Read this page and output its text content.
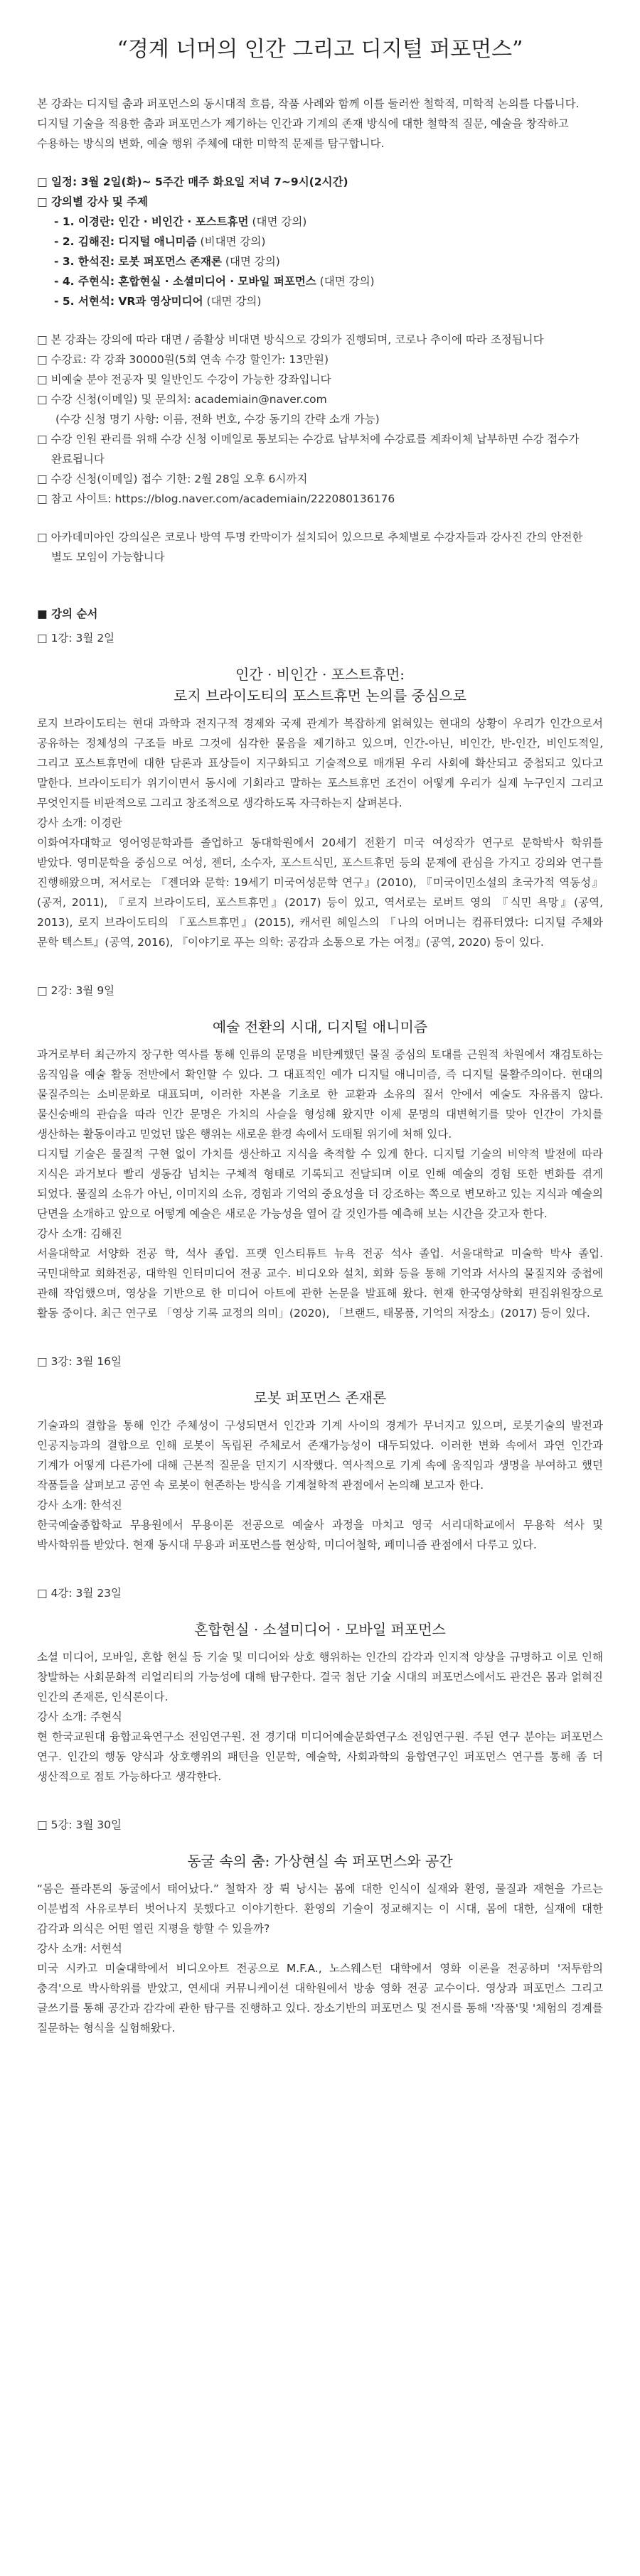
“경계 너머의 인간 그리고 디지털 퍼포먼스”

본 강좌는 디지털 춤과 퍼포먼스의 동시대적 흐름, 작품 사례와 함께 이를 둘러싼 철학적, 미학적 논의를 다룹니다. 디지털 기술을 적용한 춤과 퍼포먼스가 제기하는 인간과 기계의 존재 방식에 대한 철학적 질문, 예술을 창작하고 수용하는 방식의 변화, 예술 행위 주체에 대한 미학적 문제를 탐구합니다.

□ 일정: 3월 2일(화)~ 5주간 매주 화요일 저녁 7~9시(2시간)

□ 강의별 강사 및 주제

- 1. 이경란: 인간 · 비인간 · 포스트휴먼 (대면 강의)

- 2. 김해진: 디지털 애니미즘 (비대면 강의)

- 3. 한석진: 로봇 퍼포먼스 존재론 (대면 강의)

- 4. 주현식: 혼합현실 · 소셜미디어 · 모바일 퍼포먼스 (대면 강의)

- 5. 서현석: VR과 영상미디어 (대면 강의)

□ 본 강좌는 강의에 따라 대면 / 줌활상 비대면 방식으로 강의가 진행되며, 코로나 추이에 따라 조정됩니다

□ 수강료: 각 강좌 30000원(5회 연속 수강 할인가: 13만원)

□ 비예술 분야 전공자 및 일반인도 수강이 가능한 강좌입니다

□ 수강 신청(이메일) 및 문의처: academiain@naver.com

(수강 신청 명기 사항: 이름, 전화 번호, 수강 동기의 간략 소개 가능)

□ 수강 인원 관리를 위해 수강 신청 이메일로 통보되는 수강료 납부처에 수강료를 계좌이체 납부하면 수강 접수가 완료됩니다

□ 수강 신청(이메일) 접수 기한: 2월 28일 오후 6시까지

□ 참고 사이트: https://blog.naver.com/academiain/222080136176

□ 아카데미아인 강의실은 코로나 방역 투명 칸막이가 설치되어 있으므로 추체별로 수강자들과 강사진 간의 안전한 별도 모임이 가능합니다

■ 강의 순서

□ 1강: 3월 2일

인간 · 비인간 · 포스트휴먼:
로지 브라이도티의 포스트휴먼 논의를 중심으로

로지 브라이도티는 현대 과학과 전지구적 경제와 국제 관계가 복잡하게 얽혀있는 현대의 상황이 우리가 인간으로서 공유하는 정체성의 구조들 바로 그것에 심각한 물음을 제기하고 있으며, 인간-아닌, 비인간, 반-인간, 비인도적일, 그리고 포스트휴먼에 대한 담론과 표상들이 지구화되고 기술적으로 매개된 우리 사회에 확산되고 중첩되고 있다고 말한다. 브라이도티가 위기이면서 동시에 기회라고 말하는 포스트휴먼 조건이 어떻게 우리가 실제 누구인지 그리고 무엇인지를 비판적으로 그리고 창조적으로 생각하도록 자극하는지 살펴본다.

강사 소개: 이경란

이화여자대학교 영어영문학과를 졸업하고 동대학원에서 20세기 전환기 미국 여성작가 연구로 문학박사 학위를 받았다. 영미문학을 중심으로 여성, 젠더, 소수자, 포스트식민, 포스트휴먼 등의 문제에 관심을 가지고 강의와 연구를 진행해왔으며, 저서로는 『젠더와 문학: 19세기 미국여성문학 연구』(2010), 『미국이민소설의 초국가적 역동성』(공저, 2011), 『로지 브라이도티, 포스트휴먼』(2017) 등이 있고, 역서로는 로버트 영의 『식민 욕망』(공역, 2013), 로지 브라이도티의 『포스트휴먼』(2015), 캐서린 헤일스의 『나의 어머니는 컴퓨터였다: 디지털 주체와 문학 텍스트』(공역, 2016), 『이야기로 푸는 의학: 공감과 소통으로 가는 여정』(공역, 2020) 등이 있다.

□ 2강: 3월 9일

예술 전환의 시대, 디지털 애니미즘

과거로부터 최근까지 장구한 역사를 통해 인류의 문명을 비탄케했던 물질 중심의 토대를 근원적 차원에서 재검토하는 움직임을 예술 활동 전반에서 확인할 수 있다. 그 대표적인 예가 디지털 애니미즘, 즉 디지털 물활주의이다. 현대의 물질주의는 소비문화로 대표되며, 이러한 자본을 기초로 한 교환과 소유의 질서 안에서 예술도 자유롭지 않다. 물신숭배의 관습을 따라 인간 문명은 가치의 사슬을 형성해 왔지만 이제 문명의 대변혁기를 맞아 인간이 가치를 생산하는 활동이라고 믿었던 많은 행위는 새로운 환경 속에서 도태될 위기에 처해 있다.
디지털 기술은 물질적 구현 없이 가치를 생산하고 지식을 축적할 수 있게 한다. 디지털 기술의 비약적 발전에 따라 지식은 과거보다 빨리 생동감 넘치는 구체적 형태로 기록되고 전달되며 이로 인해 예술의 경험 또한 변화를 겪게 되었다. 물질의 소유가 아닌, 이미지의 소유, 경험과 기억의 중요성을 더 강조하는 쪽으로 변모하고 있는 지식과 예술의 단면을 소개하고 앞으로 어떻게 예술은 새로운 가능성을 열어 갈 것인가를 예측해 보는 시간을 갖고자 한다.

강사 소개: 김해진

서울대학교 서양화 전공 학, 석사 졸업. 프랫 인스티튜트 뉴욕 전공 석사 졸업. 서울대학교 미술학 박사 졸업. 국민대학교 회화전공, 대학원 인터미디어 전공 교수. 비디오와 설치, 회화 등을 통해 기억과 서사의 물질지와 중첩에 관해 작업했으며, 영상을 기반으로 한 미디어 아트에 관한 논문을 발표해 왔다. 현재 한국영상학회 편집위원장으로 활동 중이다. 최근 연구로 「영상 기록 교정의 의미」(2020), 「브랜드, 태몽품, 기억의 저장소」(2017) 등이 있다.

□ 3강: 3월 16일

로봇 퍼포먼스 존재론

기술과의 결합을 통해 인간 주체성이 구성되면서 인간과 기계 사이의 경계가 무너지고 있으며, 로봇기술의 발전과 인공지능과의 결합으로 인해 로봇이 독립된 주체로서 존재가능성이 대두되었다. 이러한 변화 속에서 과연 인간과 기계가 어떻게 다른가에 대해 근본적 질문을 던지기 시작했다. 역사적으로 기계 속에 움직임과 생명을 부여하고 했던 작품들을 살펴보고 공연 속 로봇이 현존하는 방식을 기계철학적 관점에서 논의해 보고자 한다.

강사 소개: 한석진

한국예술종합학교 무용원에서 무용이론 전공으로 예술사 과정을 마치고 영국 서리대학교에서 무용학 석사 및 박사학위를 받았다. 현재 동시대 무용과 퍼포먼스를 현상학, 미디어철학, 페미니즘 관점에서 다루고 있다.

□ 4강: 3월 23일

혼합현실 · 소셜미디어 · 모바일 퍼포먼스

소셜 미디어, 모바일, 혼합 현실 등 기술 및 미디어와 상호 행위하는 인간의 감각과 인지적 양상을 규명하고 이로 인해 창발하는 사회문화적 리얼리티의 가능성에 대해 탐구한다. 결국 첨단 기술 시대의 퍼포먼스에서도 관건은 몸과 얽혀진 인간의 존재론, 인식론이다.

강사 소개: 주현식

현 한국교원대 융합교육연구소 전임연구원. 전 경기대 미디어예술문화연구소 전임연구원. 주된 연구 분야는 퍼포먼스 연구. 인간의 행동 양식과 상호행위의 패턴을 인문학, 예술학, 사회과학의 융합연구인 퍼포먼스 연구를 통해 좀 더 생산적으로 점토 가능하다고 생각한다.

□ 5강: 3월 30일

동굴 속의 춤: 가상현실 속 퍼포먼스와 공간

“몸은 플라톤의 동굴에서 태어났다.” 철학자 장 뤽 낭시는 몸에 대한 인식이 실재와 환영, 물질과 재현을 가르는 이분법적 사유로부터 벗어나지 못했다고 이야기한다. 환영의 기술이 정교해지는 이 시대, 몸에 대한, 실재에 대한 감각과 의식은 어떤 열린 지평을 향할 수 있을까?

강사 소개: 서현석

미국 시카고 미술대학에서 비디오아트 전공으로 M.F.A., 노스웨스턴 대학에서 영화 이론을 전공하며 '저투함의 충격'으로 박사학위를 받았고, 연세대 커뮤니케이션 대학원에서 방송 영화 전공 교수이다. 영상과 퍼포먼스 그리고 글쓰기를 통해 공간과 감각에 관한 탐구를 진행하고 있다. 장소기반의 퍼포먼스 및 전시를 통해 '작품'및 '체험의 경계를 질문하는 형식을 실험해왔다.
